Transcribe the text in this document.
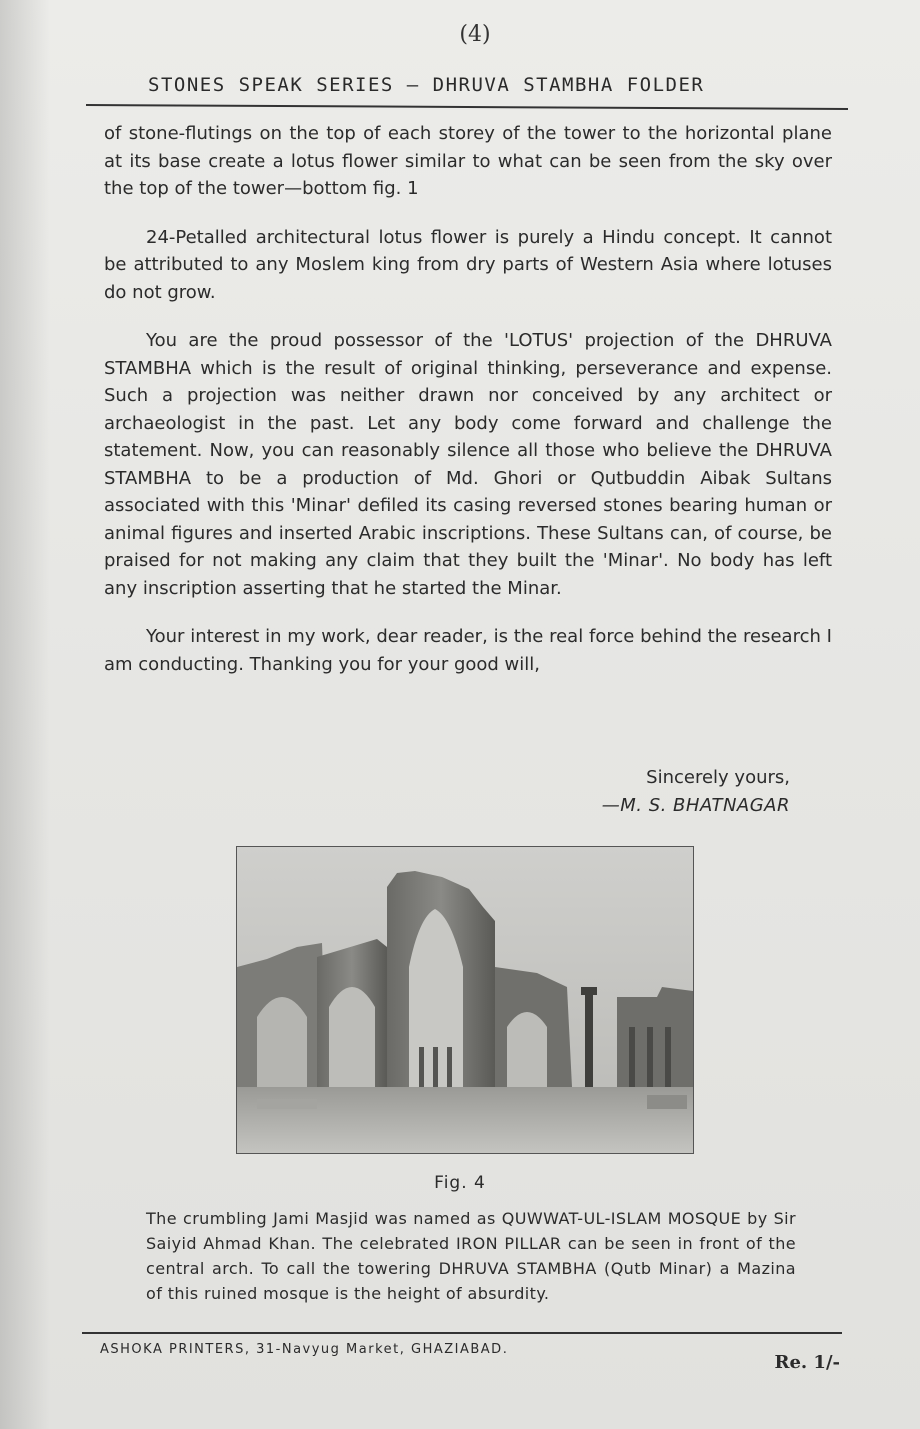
(4)
STONES SPEAK SERIES — DHRUVA STAMBHA FOLDER

of stone-flutings on the top of each storey of the tower to the horizontal plane at its base create a lotus flower similar to what can be seen from the sky over the top of the tower—bottom fig. 1

24-Petalled architectural lotus flower is purely a Hindu concept. It cannot be attributed to any Moslem king from dry parts of Western Asia where lotuses do not grow.

You are the proud possessor of the 'LOTUS' projection of the DHRUVA STAMBHA which is the result of original thinking, perseverance and expense. Such a projection was neither drawn nor conceived by any architect or archaeologist in the past. Let any body come forward and challenge the statement. Now, you can reasonably silence all those who believe the DHRUVA STAMBHA to be a production of Md. Ghori or Qutbuddin Aibak Sultans associated with this 'Minar' defiled its casing reversed stones bearing human or animal figures and inserted Arabic inscriptions. These Sultans can, of course, be praised for not making any claim that they built the 'Minar'. No body has left any inscription asserting that he started the Minar.

Your interest in my work, dear reader, is the real force behind the research I am conducting. Thanking you for your good will,

Sincerely yours,
—M. S. BHATNAGAR
Fig. 4
The crumbling Jami Masjid was named as QUWWAT-UL-ISLAM MOSQUE by Sir Saiyid Ahmad Khan. The celebrated IRON PILLAR can be seen in front of the central arch. To call the towering DHRUVA STAMBHA (Qutb Minar) a Mazina of this ruined mosque is the height of absurdity.
ASHOKA PRINTERS, 31-Navyug Market, GHAZIABAD.
Re. 1/-
